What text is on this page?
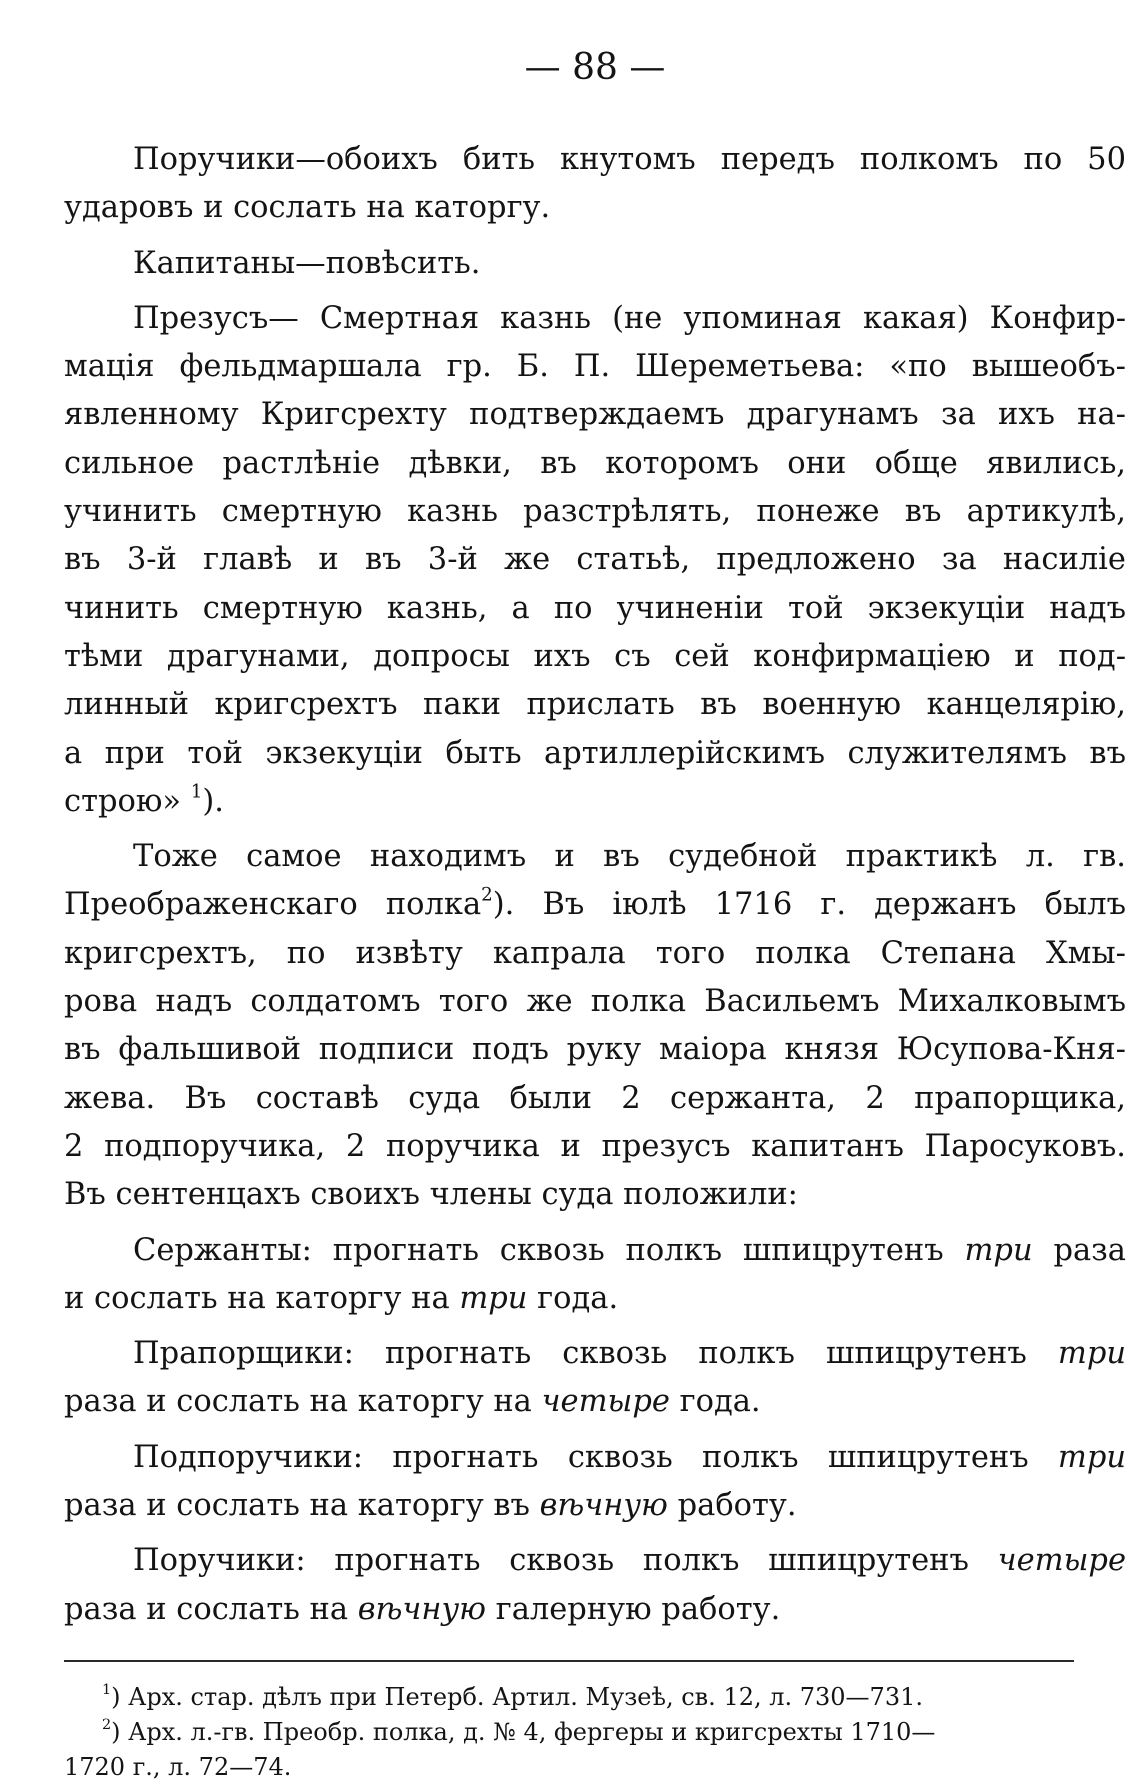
— 88 —
Поручики—обоихъ бить кнутомъ передъ полкомъ по 50
ударовъ и сослать на каторгу.
Капитаны—повѣсить.
Презусъ— Смертная казнь (не упоминая какая) Конфир-
мація фельдмаршала гр. Б. П. Шереметьева: «по вышеобъ-
явленному Кригсрехту подтверждаемъ драгунамъ за ихъ на-
сильное растлѣніе дѣвки, въ которомъ они обще явились,
учинить смертную казнь разстрѣлять, понеже въ артикулѣ,
въ 3-й главѣ и въ 3-й же статьѣ, предложено за насиліе
чинить смертную казнь, а по учиненіи той экзекуціи надъ
тѣми драгунами, допросы ихъ съ сей конфирмаціею и под-
линный кригсрехтъ паки прислать въ военную канцелярію,
а при той экзекуціи быть артиллерійскимъ служителямъ въ
строю» $^1$).
Тоже самое находимъ и въ судебной практикѣ л. гв.
Преображенскаго полка$^2$). Въ іюлѣ 1716 г. держанъ былъ
кригсрехтъ, по извѣту капрала того полка Степана Хмы-
рова надъ солдатомъ того же полка Васильемъ Михалковымъ
въ фальшивой подписи подъ руку маіора князя Юсупова-Кня-
жева. Въ составѣ суда были 2 сержанта, 2 прапорщика,
2 подпоручика, 2 поручика и презусъ капитанъ Паросуковъ.
Въ сентенцахъ своихъ члены суда положили:
Сержанты: прогнать сквозь полкъ шпицрутенъ три раза
и сослать на каторгу на три года.
Прапорщики: прогнать сквозь полкъ шпицрутенъ три
раза и сослать на каторгу на четыре года.
Подпоручики: прогнать сквозь полкъ шпицрутенъ три
раза и сослать на каторгу въ вѣчную работу.
Поручики: прогнать сквозь полкъ шпицрутенъ четыре
раза и сослать на вѣчную галерную работу.
$^1$) Арх. стар. дѣлъ при Петерб. Артил. Музеѣ, св. 12, л. 730—731.
$^2$) Арх. л.-гв. Преобр. полка, д. № 4, фергеры и кригсрехты 1710—
1720 г., л. 72—74.
